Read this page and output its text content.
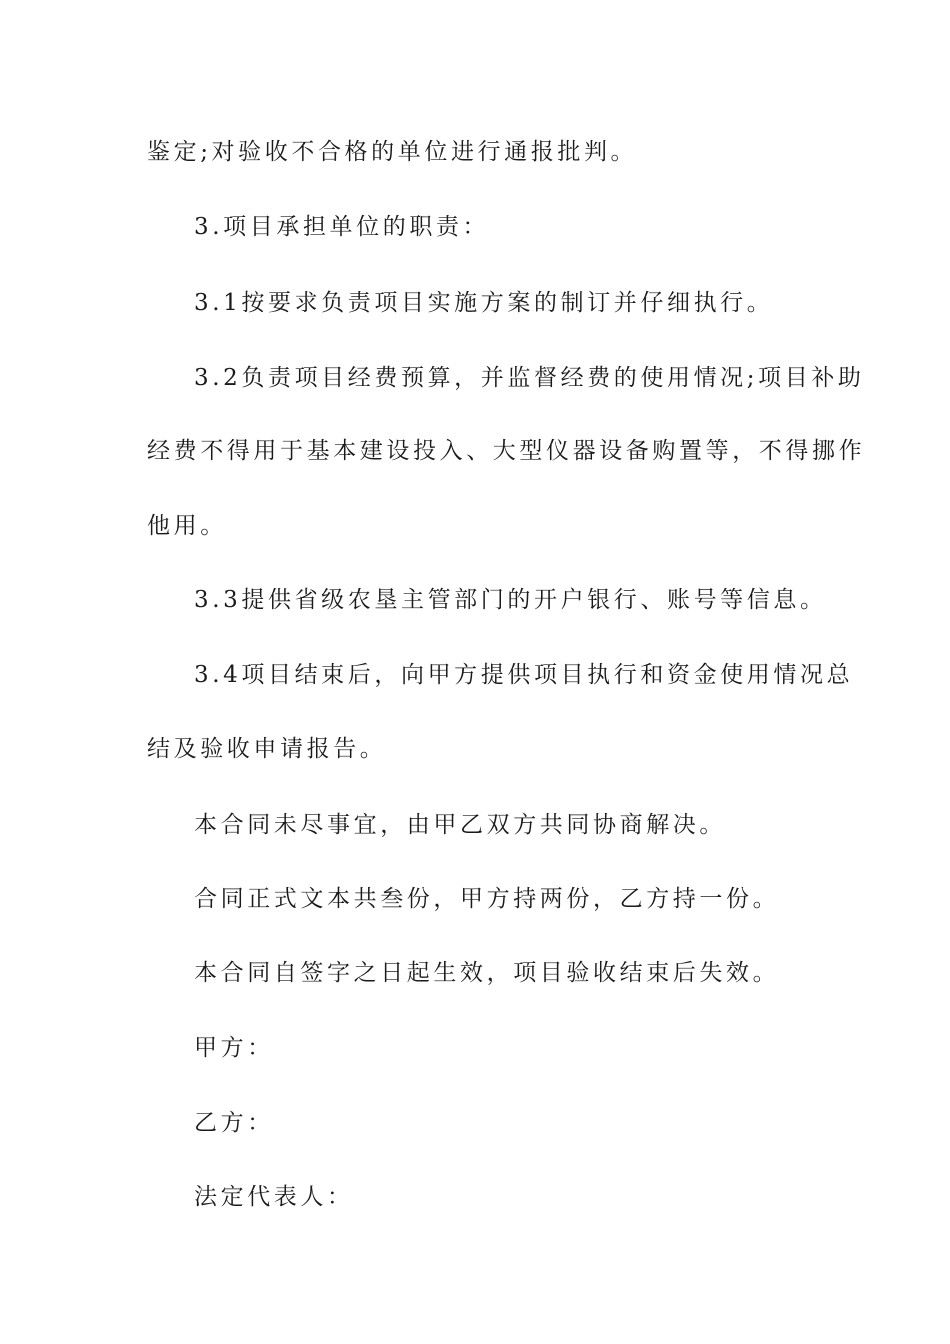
鉴定;对验收不合格的单位进行通报批判。
3.项目承担单位的职责：
3.1按要求负责项目实施方案的制订并仔细执行。
3.2负责项目经费预算，并监督经费的使用情况;项目补助
经费不得用于基本建设投入、大型仪器设备购置等，不得挪作
他用。
3.3提供省级农垦主管部门的开户银行、账号等信息。
3.4项目结束后，向甲方提供项目执行和资金使用情况总
结及验收申请报告。
本合同未尽事宜，由甲乙双方共同协商解决。
合同正式文本共叁份，甲方持两份，乙方持一份。
本合同自签字之日起生效，项目验收结束后失效。
甲方：
乙方：
法定代表人：
